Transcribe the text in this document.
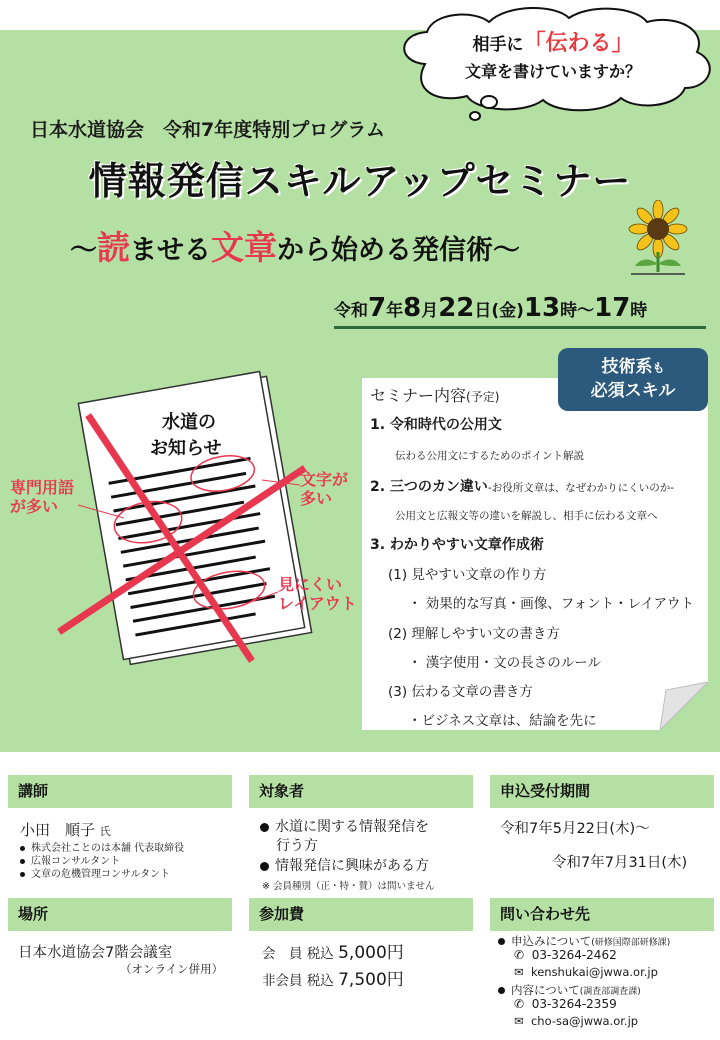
相手に「伝わる」
文章を書けていますか？
日本水道協会　令和7年度特別プログラム
情報発信スキルアップセミナー
～読ませる文章から始める発信術～
令和7年8月22日(金)13時～17時
水道の
お知らせ
専門用語
が多い
文字が
多い
見にくい
レイアウト
技術系も
必須スキル
セミナー内容(予定)
1. 令和時代の公用文
伝わる公用文にするためのポイント解説
2. 三つのカン違い-お役所文章は、なぜわかりにくいのか-
公用文と広報文等の違いを解説し、相手に伝わる文章へ
3. わかりやすい文章作成術
(1) 見やすい文章の作り方
・ 効果的な写真・画像、フォント・レイアウト
(2) 理解しやすい文の書き方
・ 漢字使用・文の長さのルール
(3) 伝わる文章の書き方
・ビジネス文章は、結論を先に
講師	対象者	申込受付期間
小田　順子 氏
株式会社ことのは本舗 代表取締役
広報コンサルタント
文章の危機管理コンサルタント
水道に関する情報発信を
行う方
情報発信に興味がある方
※ 会員種別（正・特・賛）は問いません
令和7年5月22日(木)～
令和7年7月31日(木)
場所	参加費	問い合わせ先
日本水道協会7階会議室
（オンライン併用）
会　員 税込 5,000円
非会員 税込 7,500円
申込みについて(研修国際部研修課)
✆ 03-3264-2462
✉ kenshukai@jwwa.or.jp
内容について(調査部調査課)
✆ 03-3264-2359
✉ cho-sa@jwwa.or.jp
